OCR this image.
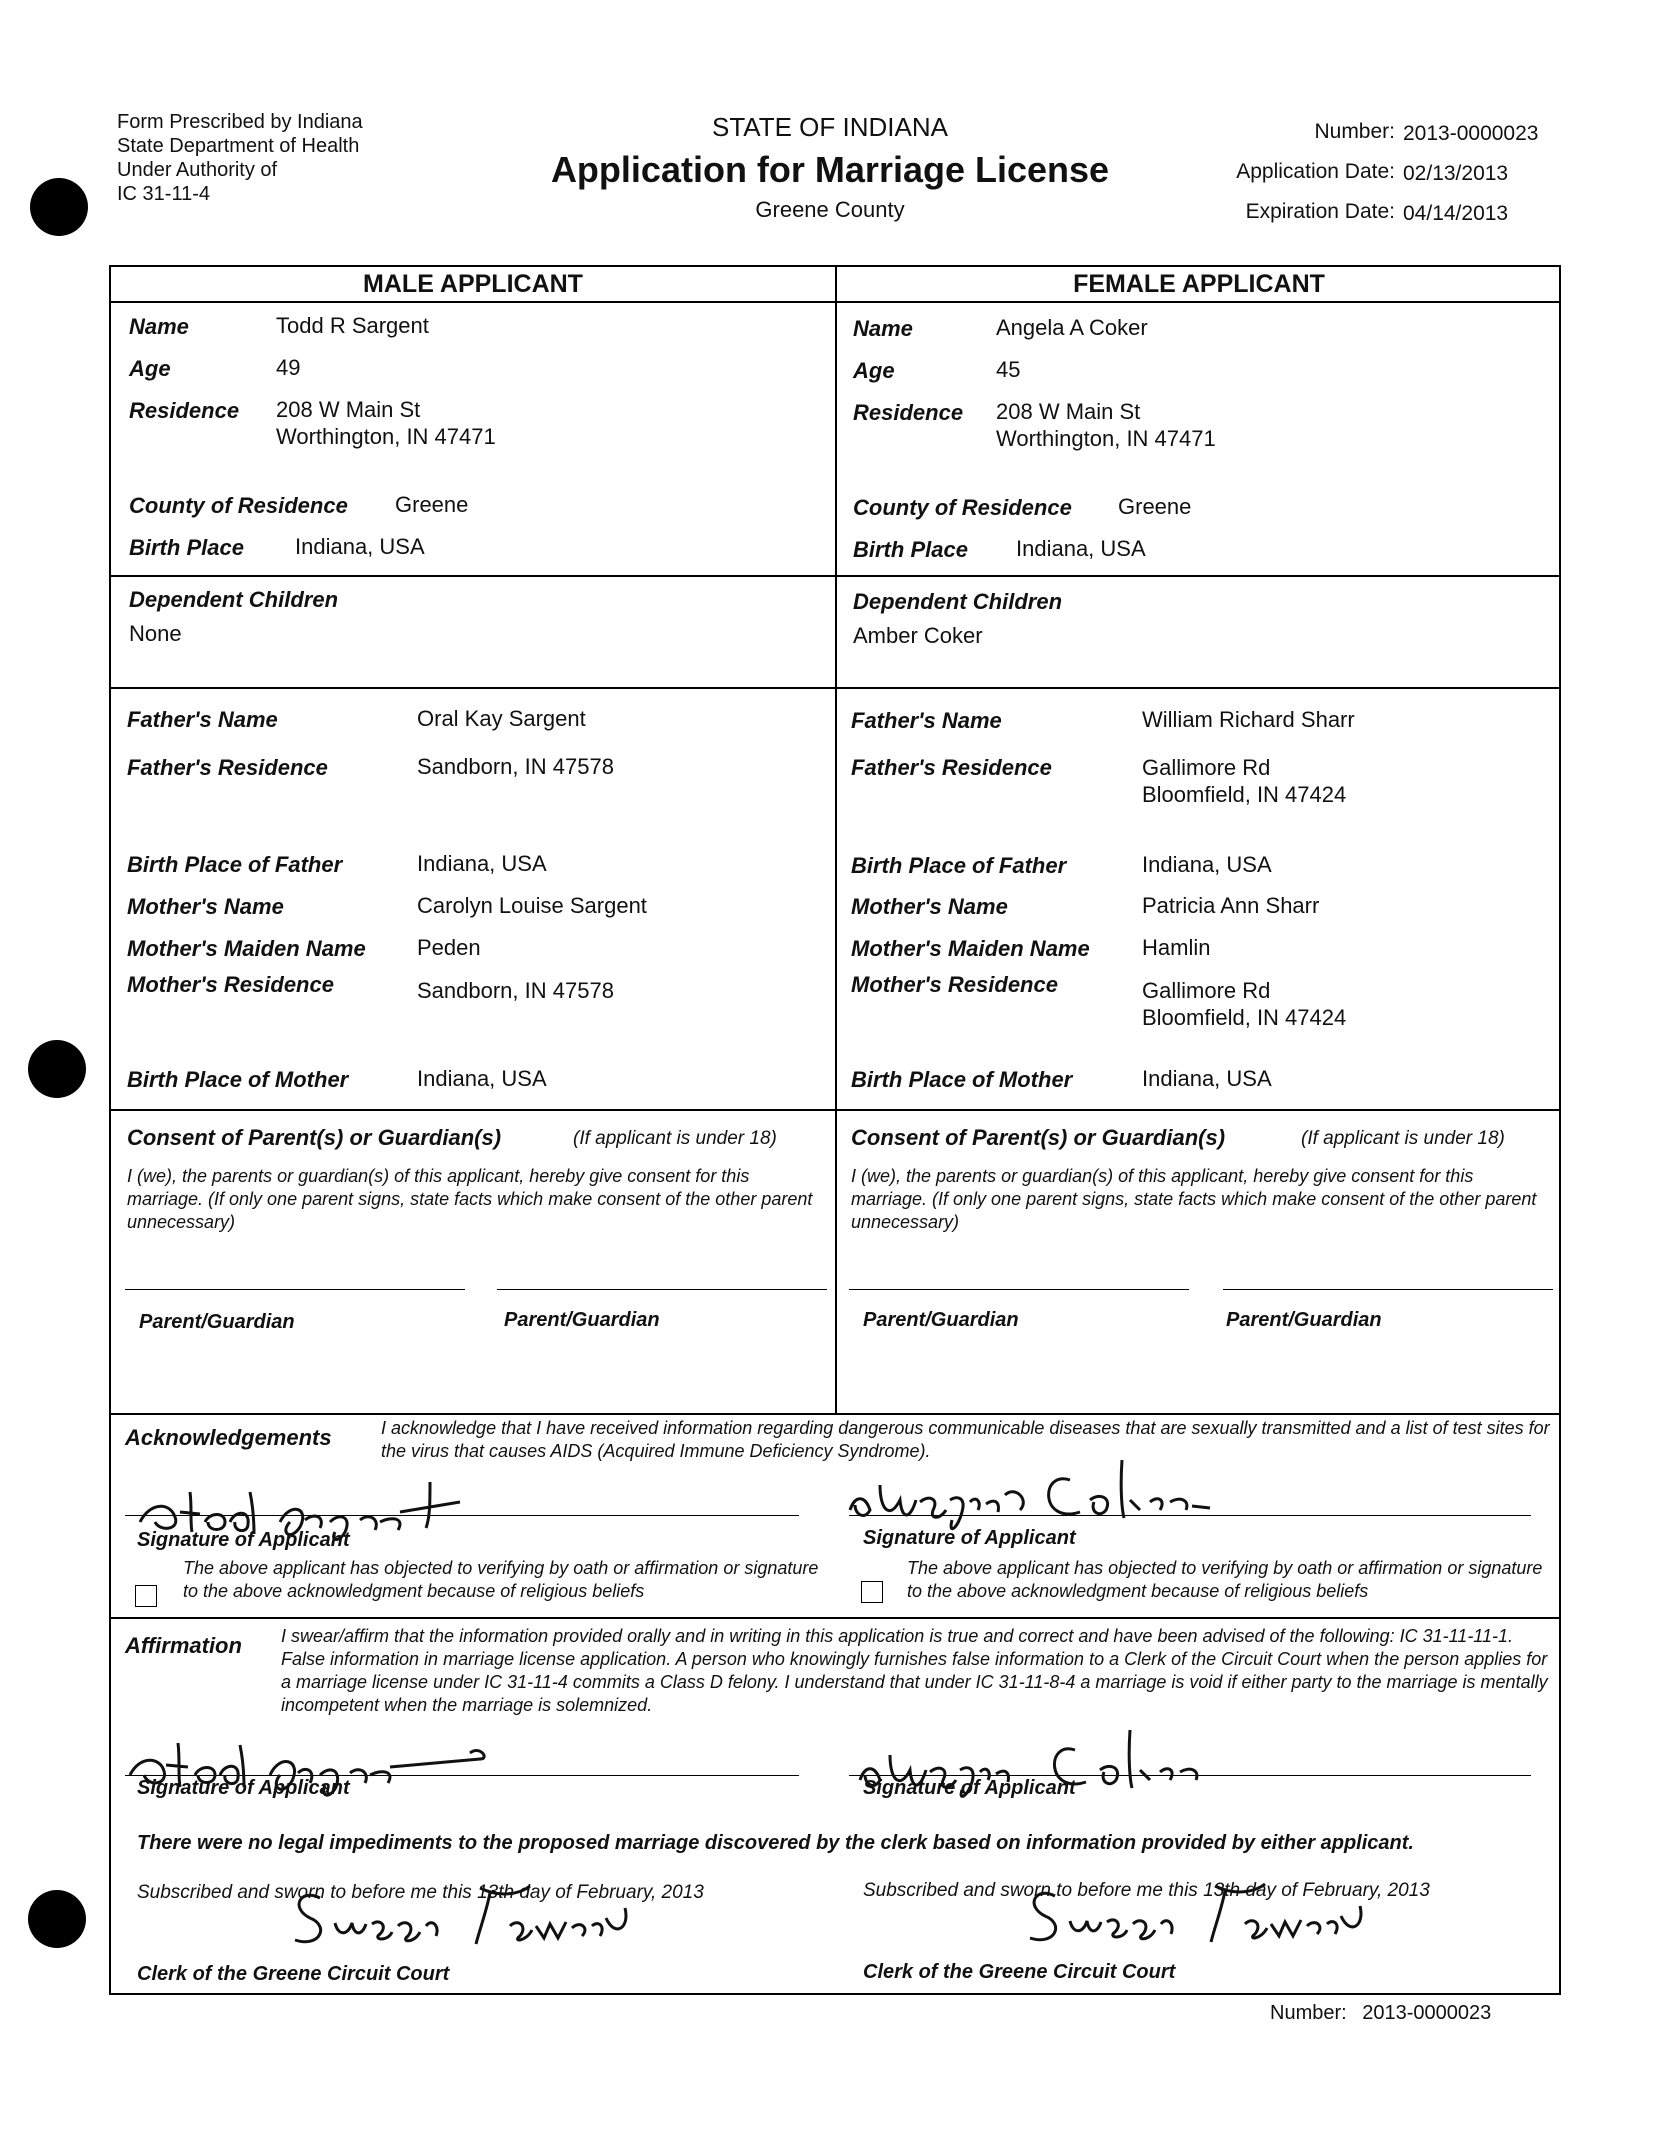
Form Prescribed by Indiana
State Department of Health
Under Authority of
IC 31-11-4
STATE OF INDIANA
Application for Marriage License
Greene County
Number: 2013-0000023
Application Date: 02/13/2013
Expiration Date: 04/14/2013
MALE APPLICANT	FEMALE APPLICANT
Name	Todd R Sargent
Age	49
Residence 208 W Main St
Worthington, IN 47471
County of Residence Greene
Birth Place Indiana, USA
Dependent Children
None
Father's Name	Oral Kay Sargent
Father's Residence	Sandborn, IN 47578
Birth Place of Father	Indiana, USA
Mother's Name	Carolyn Louise Sargent
Mother's Maiden Name Peden
Mother's Residence	Sandborn, IN 47578
Birth Place of Mother	Indiana, USA
Name	Angela A Coker
Age	45
Residence 208 W Main St
Worthington, IN 47471
County of Residence Greene
Birth Place Indiana, USA
Dependent Children
Amber Coker
Father's Name	William Richard Sharr
Father's Residence	Gallimore Rd
Bloomfield, IN 47424
Birth Place of Father	Indiana, USA
Mother's Name	Patricia Ann Sharr
Mother's Maiden Name Hamlin
Mother's Residence	Gallimore Rd
Bloomfield, IN 47424
Birth Place of Mother	Indiana, USA
Consent of Parent(s) or Guardian(s)	(If applicant is under 18)
I (we), the parents or guardian(s) of this applicant, hereby give consent for this marriage. (If only one parent signs, state facts which make consent of the other parent unnecessary)
Parent/Guardian	Parent/Guardian
Consent of Parent(s) or Guardian(s)	(If applicant is under 18)
I (we), the parents or guardian(s) of this applicant, hereby give consent for this marriage. (If only one parent signs, state facts which make consent of the other parent unnecessary)
Parent/Guardian	Parent/Guardian
Acknowledgements	I acknowledge that I have received information regarding dangerous communicable diseases that are sexually transmitted and a list of test sites for the virus that causes AIDS (Acquired Immune Deficiency Syndrome).
Signature of Applicant	Signature of Applicant
The above applicant has objected to verifying by oath or affirmation or signature to the above acknowledgment because of religious beliefs
The above applicant has objected to verifying by oath or affirmation or signature to the above acknowledgment because of religious beliefs
Affirmation I swear/affirm that the information provided orally and in writing in this application is true and correct and have been advised of the following: IC 31-11-11-1. False information in marriage license application. A person who knowingly furnishes false information to a Clerk of the Circuit Court when the person applies for a marriage license under IC 31-11-4 commits a Class D felony. I understand that under IC 31-11-8-4 a marriage is void if either party to the marriage is mentally incompetent when the marriage is solemnized.
Signature of Applicant	Signature of Applicant
There were no legal impediments to the proposed marriage discovered by the clerk based on information provided by either applicant.
Subscribed and sworn to before me this 13th day of February, 2013	Subscribed and sworn to before me this 13th day of February, 2013
Clerk of the Greene Circuit Court	Clerk of the Greene Circuit Court
Number: 2013-0000023
